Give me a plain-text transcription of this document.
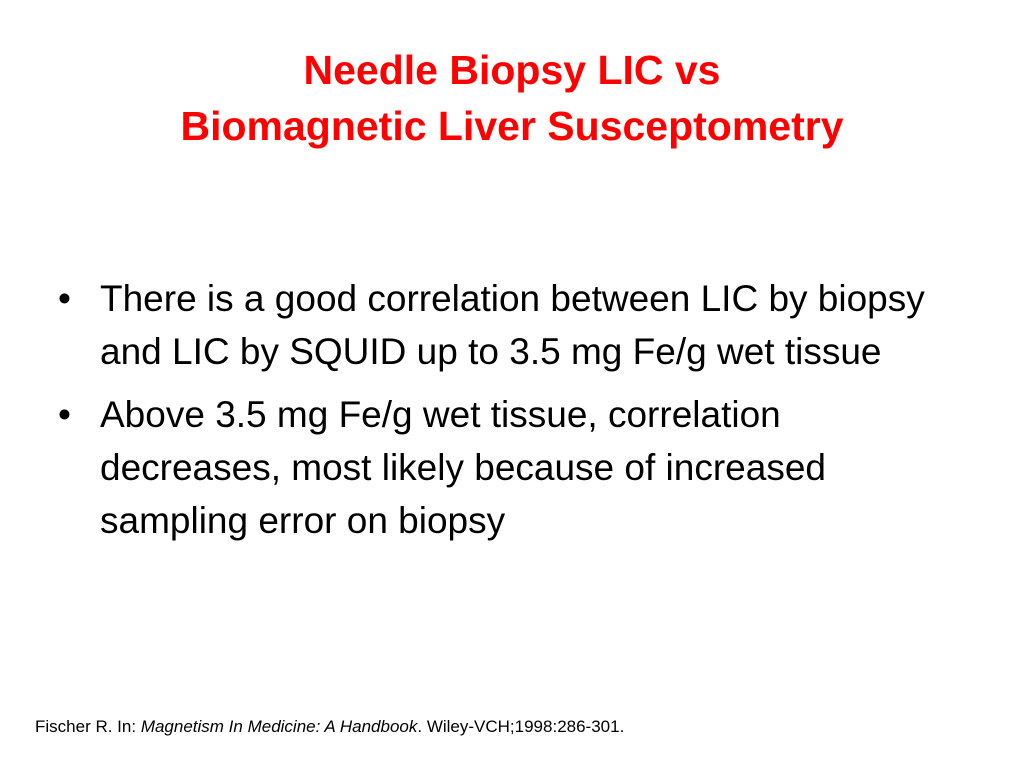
Needle Biopsy LIC vs
Biomagnetic Liver Susceptometry
• There is a good correlation between LIC by biopsy and LIC by SQUID up to 3.5 mg Fe/g wet tissue
• Above 3.5 mg Fe/g wet tissue, correlation decreases, most likely because of increased sampling error on biopsy
Fischer R. In: Magnetism In Medicine: A Handbook. Wiley-VCH;1998:286-301.
